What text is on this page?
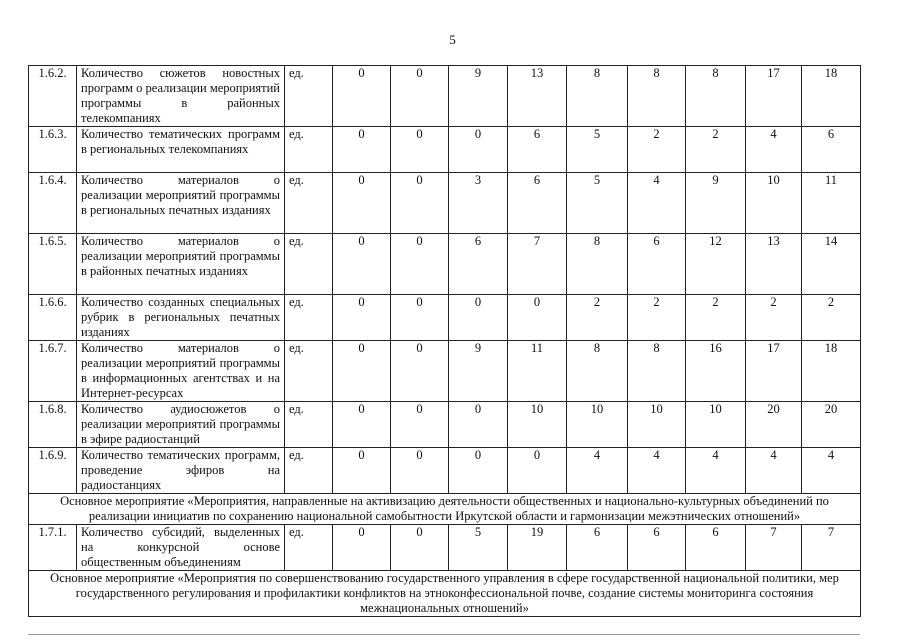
5
1.6.2.	Количество сюжетов новостных программ о реализации мероприятий программы в районных телекомпаниях	ед.	0	0	9	13	8	8	8	17	18
1.6.3.	Количество тематических программ в региональных телекомпаниях	ед.	0	0	0	6	5	2	2	4	6
1.6.4.	Количество материалов о реализации мероприятий программы в региональных печатных изданиях	ед.	0	0	3	6	5	4	9	10	11
1.6.5.	Количество материалов о реализации мероприятий программы в районных печатных изданиях	ед.	0	0	6	7	8	6	12	13	14
1.6.6.	Количество созданных специальных рубрик в региональных печатных изданиях	ед.	0	0	0	0	2	2	2	2	2
1.6.7.	Количество материалов о реализации мероприятий программы в информационных агентствах и на Интернет-ресурсах	ед.	0	0	9	11	8	8	16	17	18
1.6.8.	Количество аудиосюжетов о реализации мероприятий программы в эфире радиостанций	ед.	0	0	0	10	10	10	10	20	20
1.6.9.	Количество тематических программ, проведение эфиров на радиостанциях	ед.	0	0	0	0	4	4	4	4	4
Основное мероприятие «Мероприятия, направленные на активизацию деятельности общественных и национально-культурных объединений по реализации инициатив по сохранению национальной самобытности Иркутской области и гармонизации межэтнических отношений»											
1.7.1.	Количество субсидий, выделенных на конкурсной основе общественным объединениям	ед.	0	0	5	19	6	6	6	7	7
Основное мероприятие «Мероприятия по совершенствованию государственного управления в сфере государственной национальной политики, мер государственного регулирования и профилактики конфликтов на этноконфессиональной почве, создание системы мониторинга состояния межнациональных отношений»											
